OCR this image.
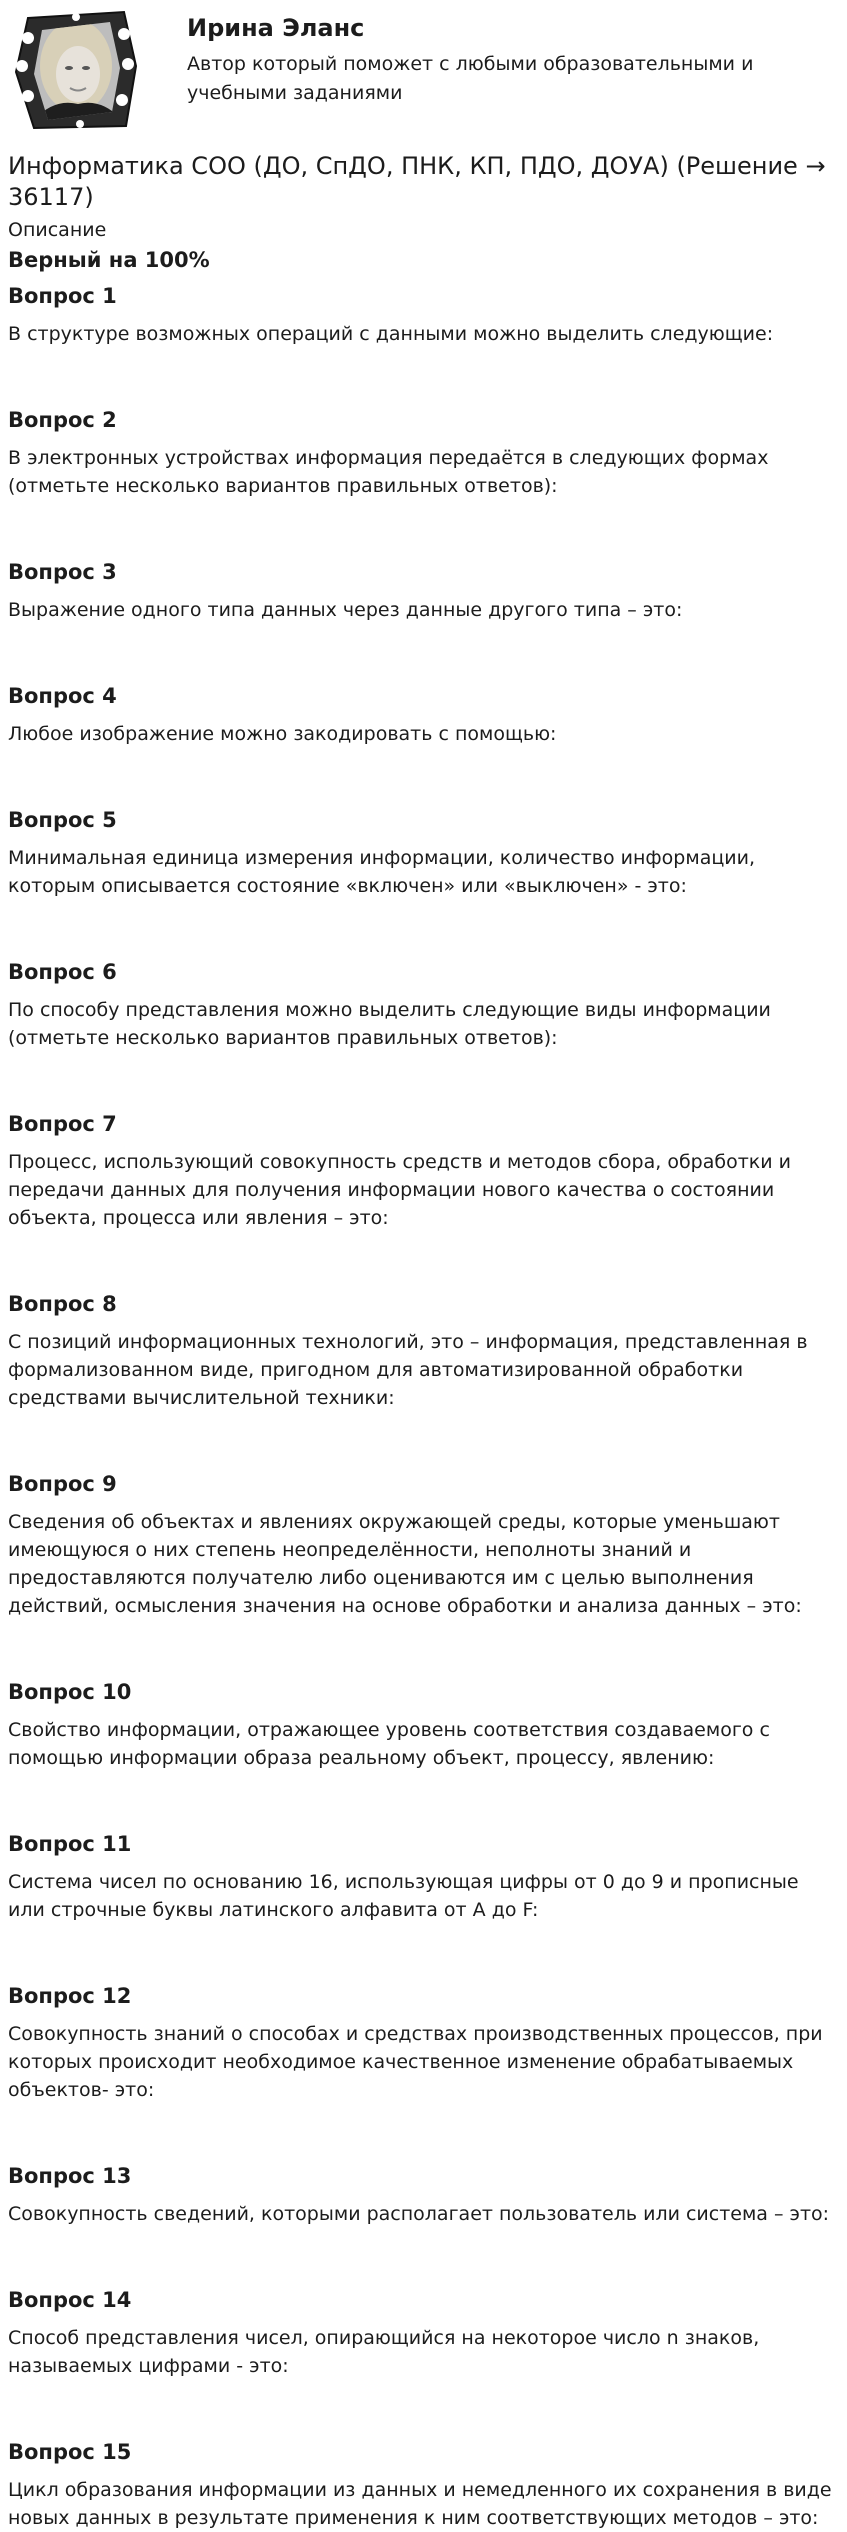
Ирина Эланс
Автор который поможет с любыми образовательными и учебными заданиями
Информатика СОО (ДО, СпДО, ПНК, КП, ПДО, ДОУА) (Решение → 36117)
Описание
Верный на 100%
Вопрос 1
В структуре возможных операций с данными можно выделить следующие:
Вопрос 2
В электронных устройствах информация передаётся в следующих формах
(отметьте несколько вариантов правильных ответов):
Вопрос 3
Выражение одного типа данных через данные другого типа – это:
Вопрос 4
Любое изображение можно закодировать с помощью:
Вопрос 5
Минимальная единица измерения информации, количество информации,
которым описывается состояние «включен» или «выключен» - это:
Вопрос 6
По способу представления можно выделить следующие виды информации
(отметьте несколько вариантов правильных ответов):
Вопрос 7
Процесс, использующий совокупность средств и методов сбора, обработки и
передачи данных для получения информации нового качества о состоянии
объекта, процесса или явления – это:
Вопрос 8
С позиций информационных технологий, это – информация, представленная в
формализованном виде, пригодном для автоматизированной обработки
средствами вычислительной техники:
Вопрос 9
Сведения об объектах и явлениях окружающей среды, которые уменьшают
имеющуюся о них степень неопределённости, неполноты знаний и
предоставляются получателю либо оцениваются им с целью выполнения
действий, осмысления значения на основе обработки и анализа данных – это:
Вопрос 10
Свойство информации, отражающее уровень соответствия создаваемого с
помощью информации образа реальному объект, процессу, явлению:
Вопрос 11
Система чисел по основанию 16, использующая цифры от 0 до 9 и прописные
или строчные буквы латинского алфавита от A до F:
Вопрос 12
Совокупность знаний о способах и средствах производственных процессов, при
которых происходит необходимое качественное изменение обрабатываемых
объектов- это:
Вопрос 13
Совокупность сведений, которыми располагает пользователь или система – это:
Вопрос 14
Способ представления чисел, опирающийся на некоторое число n знаков,
называемых цифрами - это:
Вопрос 15
Цикл образования информации из данных и немедленного их сохранения в виде
новых данных в результате применения к ним соответствующих методов – это:
